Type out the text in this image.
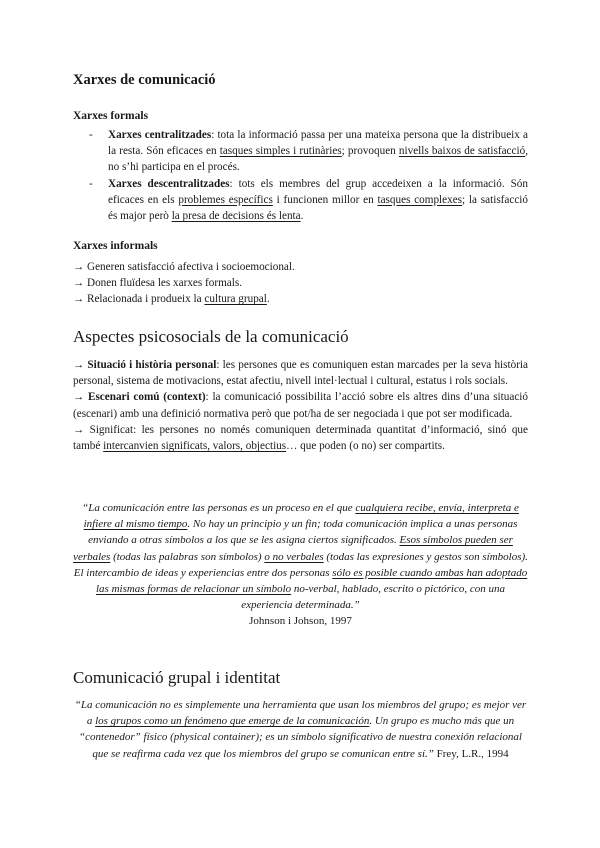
Xarxes de comunicació
Xarxes formals
- Xarxes centralitzades: tota la informació passa per una mateixa persona que la distribueix a la resta. Són eficaces en tasques simples i rutinàries; provoquen nivells baixos de satisfacció, no s’hi participa en el procés.
- Xarxes descentralitzades: tots els membres del grup accedeixen a la informació. Són eficaces en els problemes específics i funcionen millor en tasques complexes; la satisfacció és major però la presa de decisions és lenta.
Xarxes informals
→ Generen satisfacció afectiva i socioemocional.
→ Donen fluïdesa les xarxes formals.
→ Relacionada i produeix la cultura grupal.
Aspectes psicosocials de la comunicació
→ Situació i història personal: les persones que es comuniquen estan marcades per la seva història personal, sistema de motivacions, estat afectiu, nivell intel·lectual i cultural, estatus i rols socials.
→ Escenari comú (context): la comunicació possibilita l’acció sobre els altres dins d’una situació (escenari) amb una definició normativa però que pot/ha de ser negociada i que pot ser modificada.
→ Significat: les persones no només comuniquen determinada quantitat d’informació, sinó que també intercanvien significats, valors, objectius… que poden (o no) ser compartits.
“La comunicación entre las personas es un proceso en el que cualquiera recibe, envía, interpreta e infiere al mismo tiempo. No hay un principio y un fin; toda comunicación implica a unas personas enviando a otras símbolos a los que se les asigna ciertos significados. Esos símbolos pueden ser verbales (todas las palabras son símbolos) o no verbales (todas las expresiones y gestos son símbolos). El intercambio de ideas y experiencias entre dos personas sólo es posible cuando ambas han adoptado las mismas formas de relacionar un símbolo no-verbal, hablado, escrito o pictórico, con una experiencia determinada.”
Johnson i Johson, 1997
Comunicació grupal i identitat
“La comunicación no es simplemente una herramienta que usan los miembros del grupo; es mejor ver a los grupos como un fenómeno que emerge de la comunicación. Un grupo es mucho más que un “contenedor” físico (physical container); es un símbolo significativo de nuestra conexión relacional que se reafirma cada vez que los miembros del grupo se comunican entre sí.” Frey, L.R., 1994
